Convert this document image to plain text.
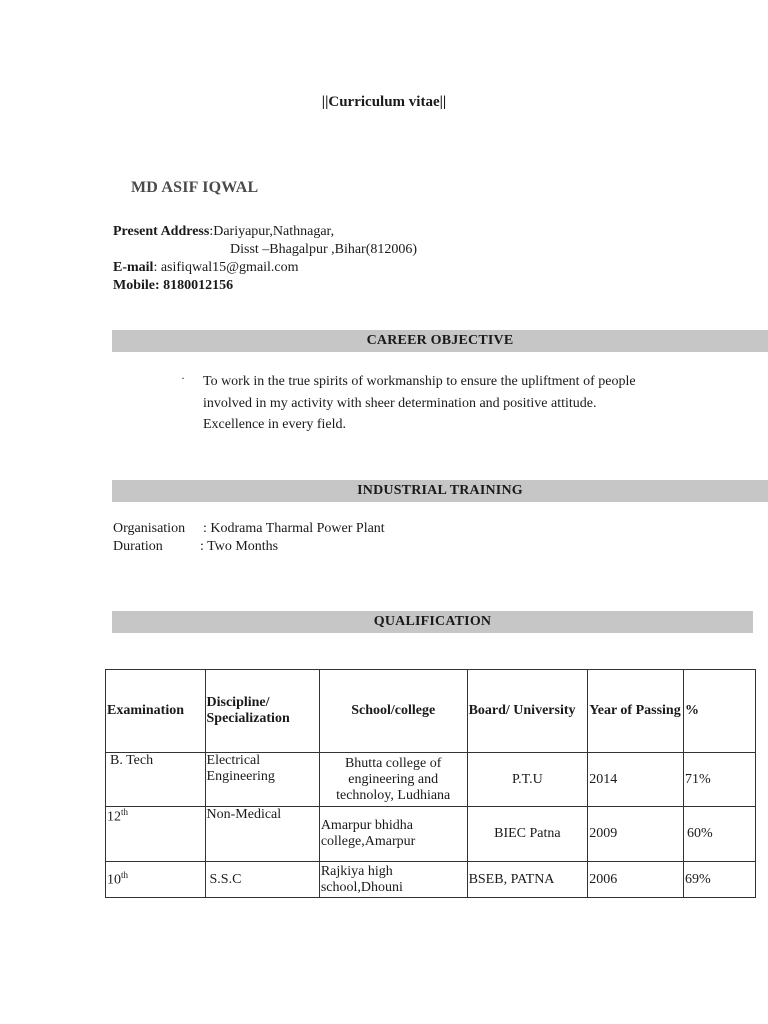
||Curriculum vitae||
MD ASIF IQWAL
Present Address:Dariyapur,Nathnagar,
Disst –Bhagalpur ,Bihar(812006)
E-mail: asifiqwal15@gmail.com
Mobile: 8180012156
CAREER OBJECTIVE
· To work in the true spirits of workmanship to ensure the upliftment of people involved in my activity with sheer determination and positive attitude. Excellence in every field.
INDUSTRIAL TRAINING
Organisation : Kodrama Tharmal Power Plant
Duration	: Two Months
QUALIFICATION
Examination	Discipline/ Specialization	School/college	Board/ University	Year of Passing	%
B. Tech	Electrical Engineering	Bhutta college of engineering and technoloy, Ludhiana	P.T.U	2014	71%
12th	Non-Medical	Amarpur bhidha college,Amarpur	BIEC Patna	2009	60%
10th	S.S.C	Rajkiya high school,Dhouni	BSEB, PATNA	2006	69%
